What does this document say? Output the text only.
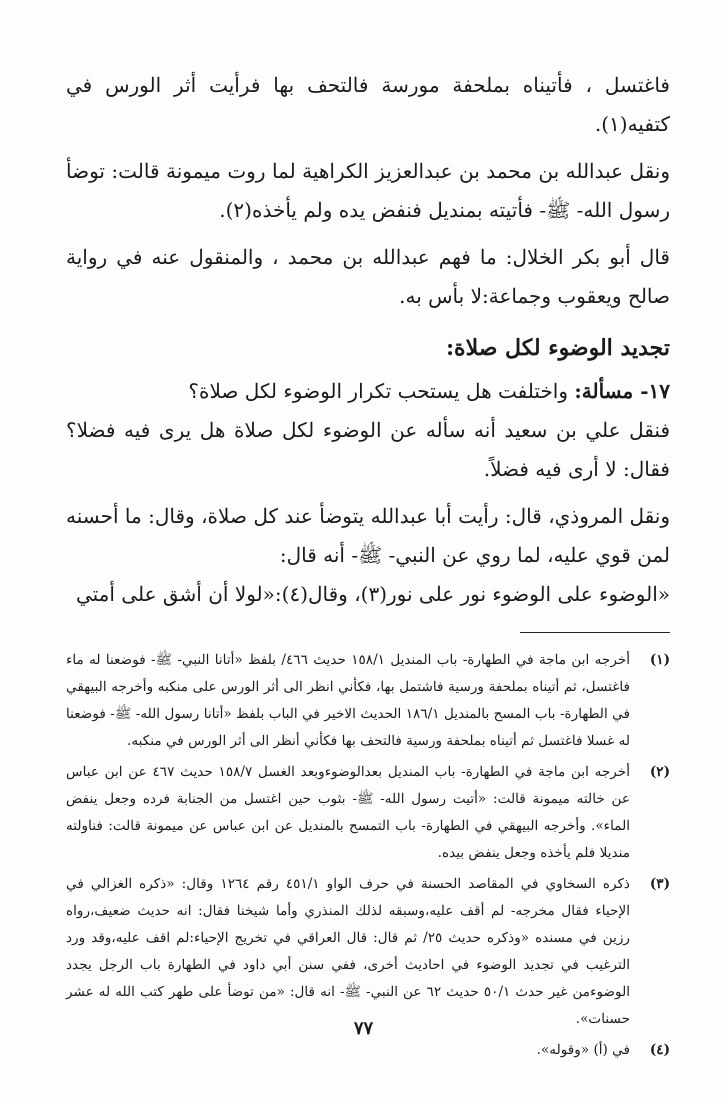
فاغتسل ، فأتيناه بملحفة مورسة فالتحف بها فرأيت أثر الورس في كتفيه(١).

ونقل عبدالله بن محمد بن عبدالعزيز الكراهية لما روت ميمونة قالت: توضأ رسول الله- ﷺ- فأتيته بمنديل فنفض يده ولم يأخذه(٢).

قال أبو بكر الخلال: ما فهم عبدالله بن محمد ، والمنقول عنه في رواية صالح ويعقوب وجماعة:لا بأس به.

تجديد الوضوء لكل صلاة:

١٧- مسألة: واختلفت هل يستحب تكرار الوضوء لكل صلاة؟

فنقل علي بن سعيد أنه سأله عن الوضوء لكل صلاة هل يرى فيه فضلا؟ فقال: لا أرى فيه فضلاً.

ونقل المروذي، قال: رأيت أبا عبدالله يتوضأ عند كل صلاة، وقال: ما أحسنه لمن قوي عليه، لما روي عن النبي- ﷺ- أنه قال:

«الوضوء على الوضوء نور على نور(٣)، وقال(٤):«لولا أن أشق على أمتي

(١)
أخرجه ابن ماجة في الطهارة- باب المنديل ١٥٨/١ حديث ٤٦٦/ بلفظ «أتانا النبي- ﷺ- فوضعنا له ماء فاغتسل، ثم أتيناه بملحفة ورسية فاشتمل بها، فكأني انظر الى أثر الورس على منكبه وأخرجه البيهقي في الطهارة- باب المسح بالمنديل ١٨٦/١ الحديث الاخير في الباب بلفظ «أتانا رسول الله- ﷺ- فوضعنا له غسلا فاغتسل ثم أتيناه بملحفة ورسية فالتحف بها فكأني أنظر الى أثر الورس في منكبه.
(٢)
أخرجه ابن ماجة في الطهارة- باب المنديل بعدالوضوءوبعد الغسل ١٥٨/٧ حديث ٤٦٧ عن ابن عباس عن خالته ميمونة قالت: «أتيت رسول الله- ﷺ- بثوب حين اغتسل من الجنابة فرده وجعل ينفض الماء». وأخرجه البيهقي في الطهارة- باب التمسح بالمنديل عن ابن عباس عن ميمونة قالت: فناولته منديلا فلم يأخذه وجعل ينفض بيده.
(٣)
ذكره السخاوي في المقاصد الحسنة في حرف الواو ٤٥١/١ رقم ١٢٦٤ وقال: «ذكره الغزالي في الإحياء فقال مخرجه- لم أقف عليه،وسبقه لذلك المنذري وأما شيخنا فقال: انه حديث ضعيف،رواه رزين في مسنده «وذكره حديث ٢٥/ ثم قال: قال العراقي في تخريج الإحياء:لم اقف عليه،وقد ورد الترغيب في تجديد الوضوء في احاديث أخرى، ففي سنن أبي داود في الطهارة باب الرجل يجدد الوضوءمن غير حدث ٥٠/١ حديث ٦٢ عن النبي- ﷺ- انه قال: «من توضأ على طهر كتب الله له عشر حسنات».
(٤)
في (أ) «وقوله».
٧٧
